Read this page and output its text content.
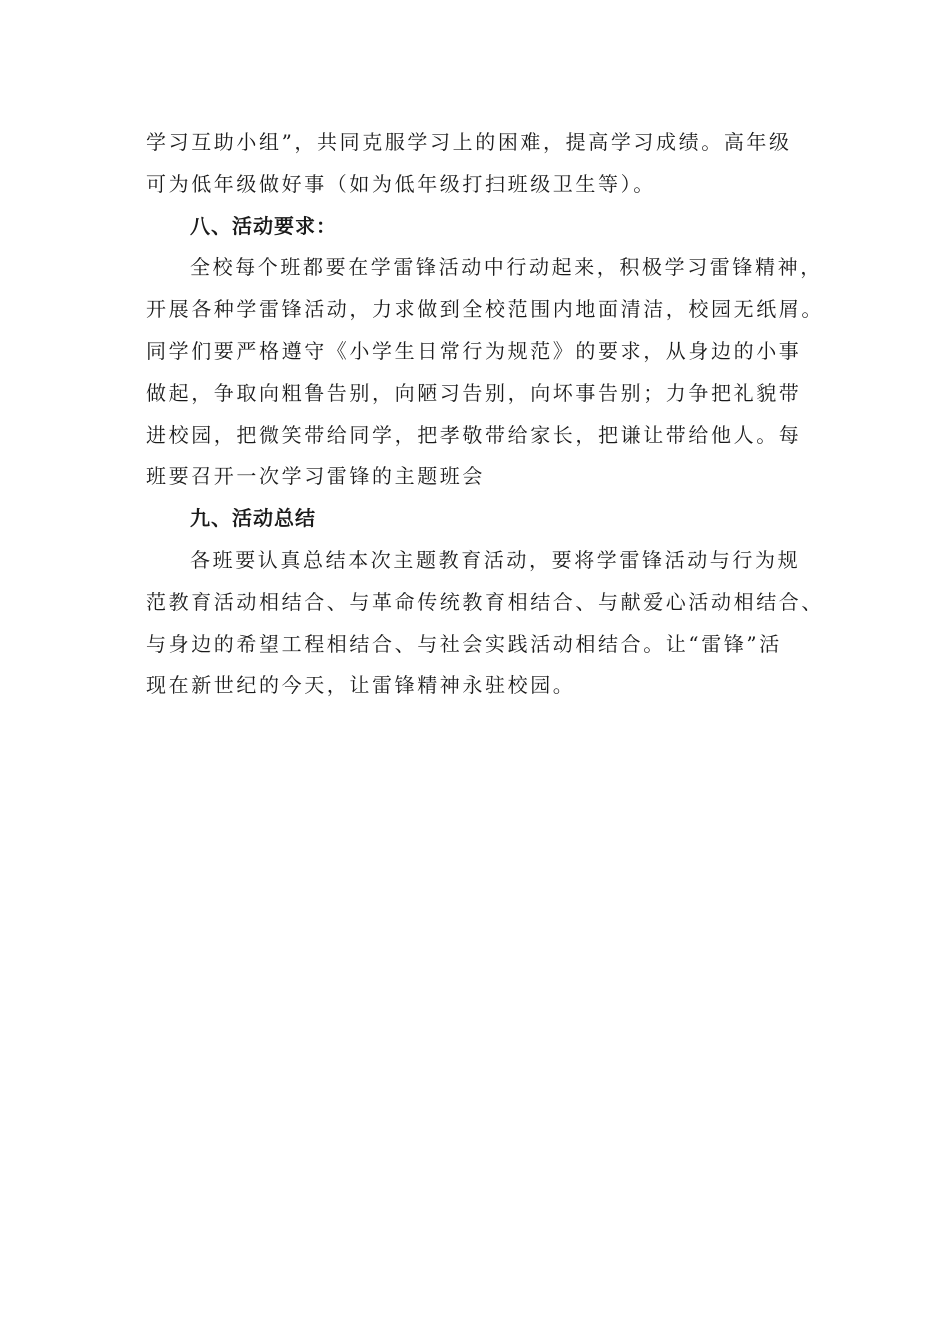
学习互助小组”，共同克服学习上的困难，提高学习成绩。高年级
可为低年级做好事（如为低年级打扫班级卫生等）。
八、活动要求：
全校每个班都要在学雷锋活动中行动起来，积极学习雷锋精神，
开展各种学雷锋活动，力求做到全校范围内地面清洁，校园无纸屑。
同学们要严格遵守《小学生日常行为规范》的要求，从身边的小事
做起，争取向粗鲁告别，向陋习告别，向坏事告别；力争把礼貌带
进校园，把微笑带给同学，把孝敬带给家长，把谦让带给他人。每
班要召开一次学习雷锋的主题班会
九、活动总结
各班要认真总结本次主题教育活动，要将学雷锋活动与行为规
范教育活动相结合、与革命传统教育相结合、与献爱心活动相结合、
与身边的希望工程相结合、与社会实践活动相结合。让“雷锋”活
现在新世纪的今天，让雷锋精神永驻校园。
